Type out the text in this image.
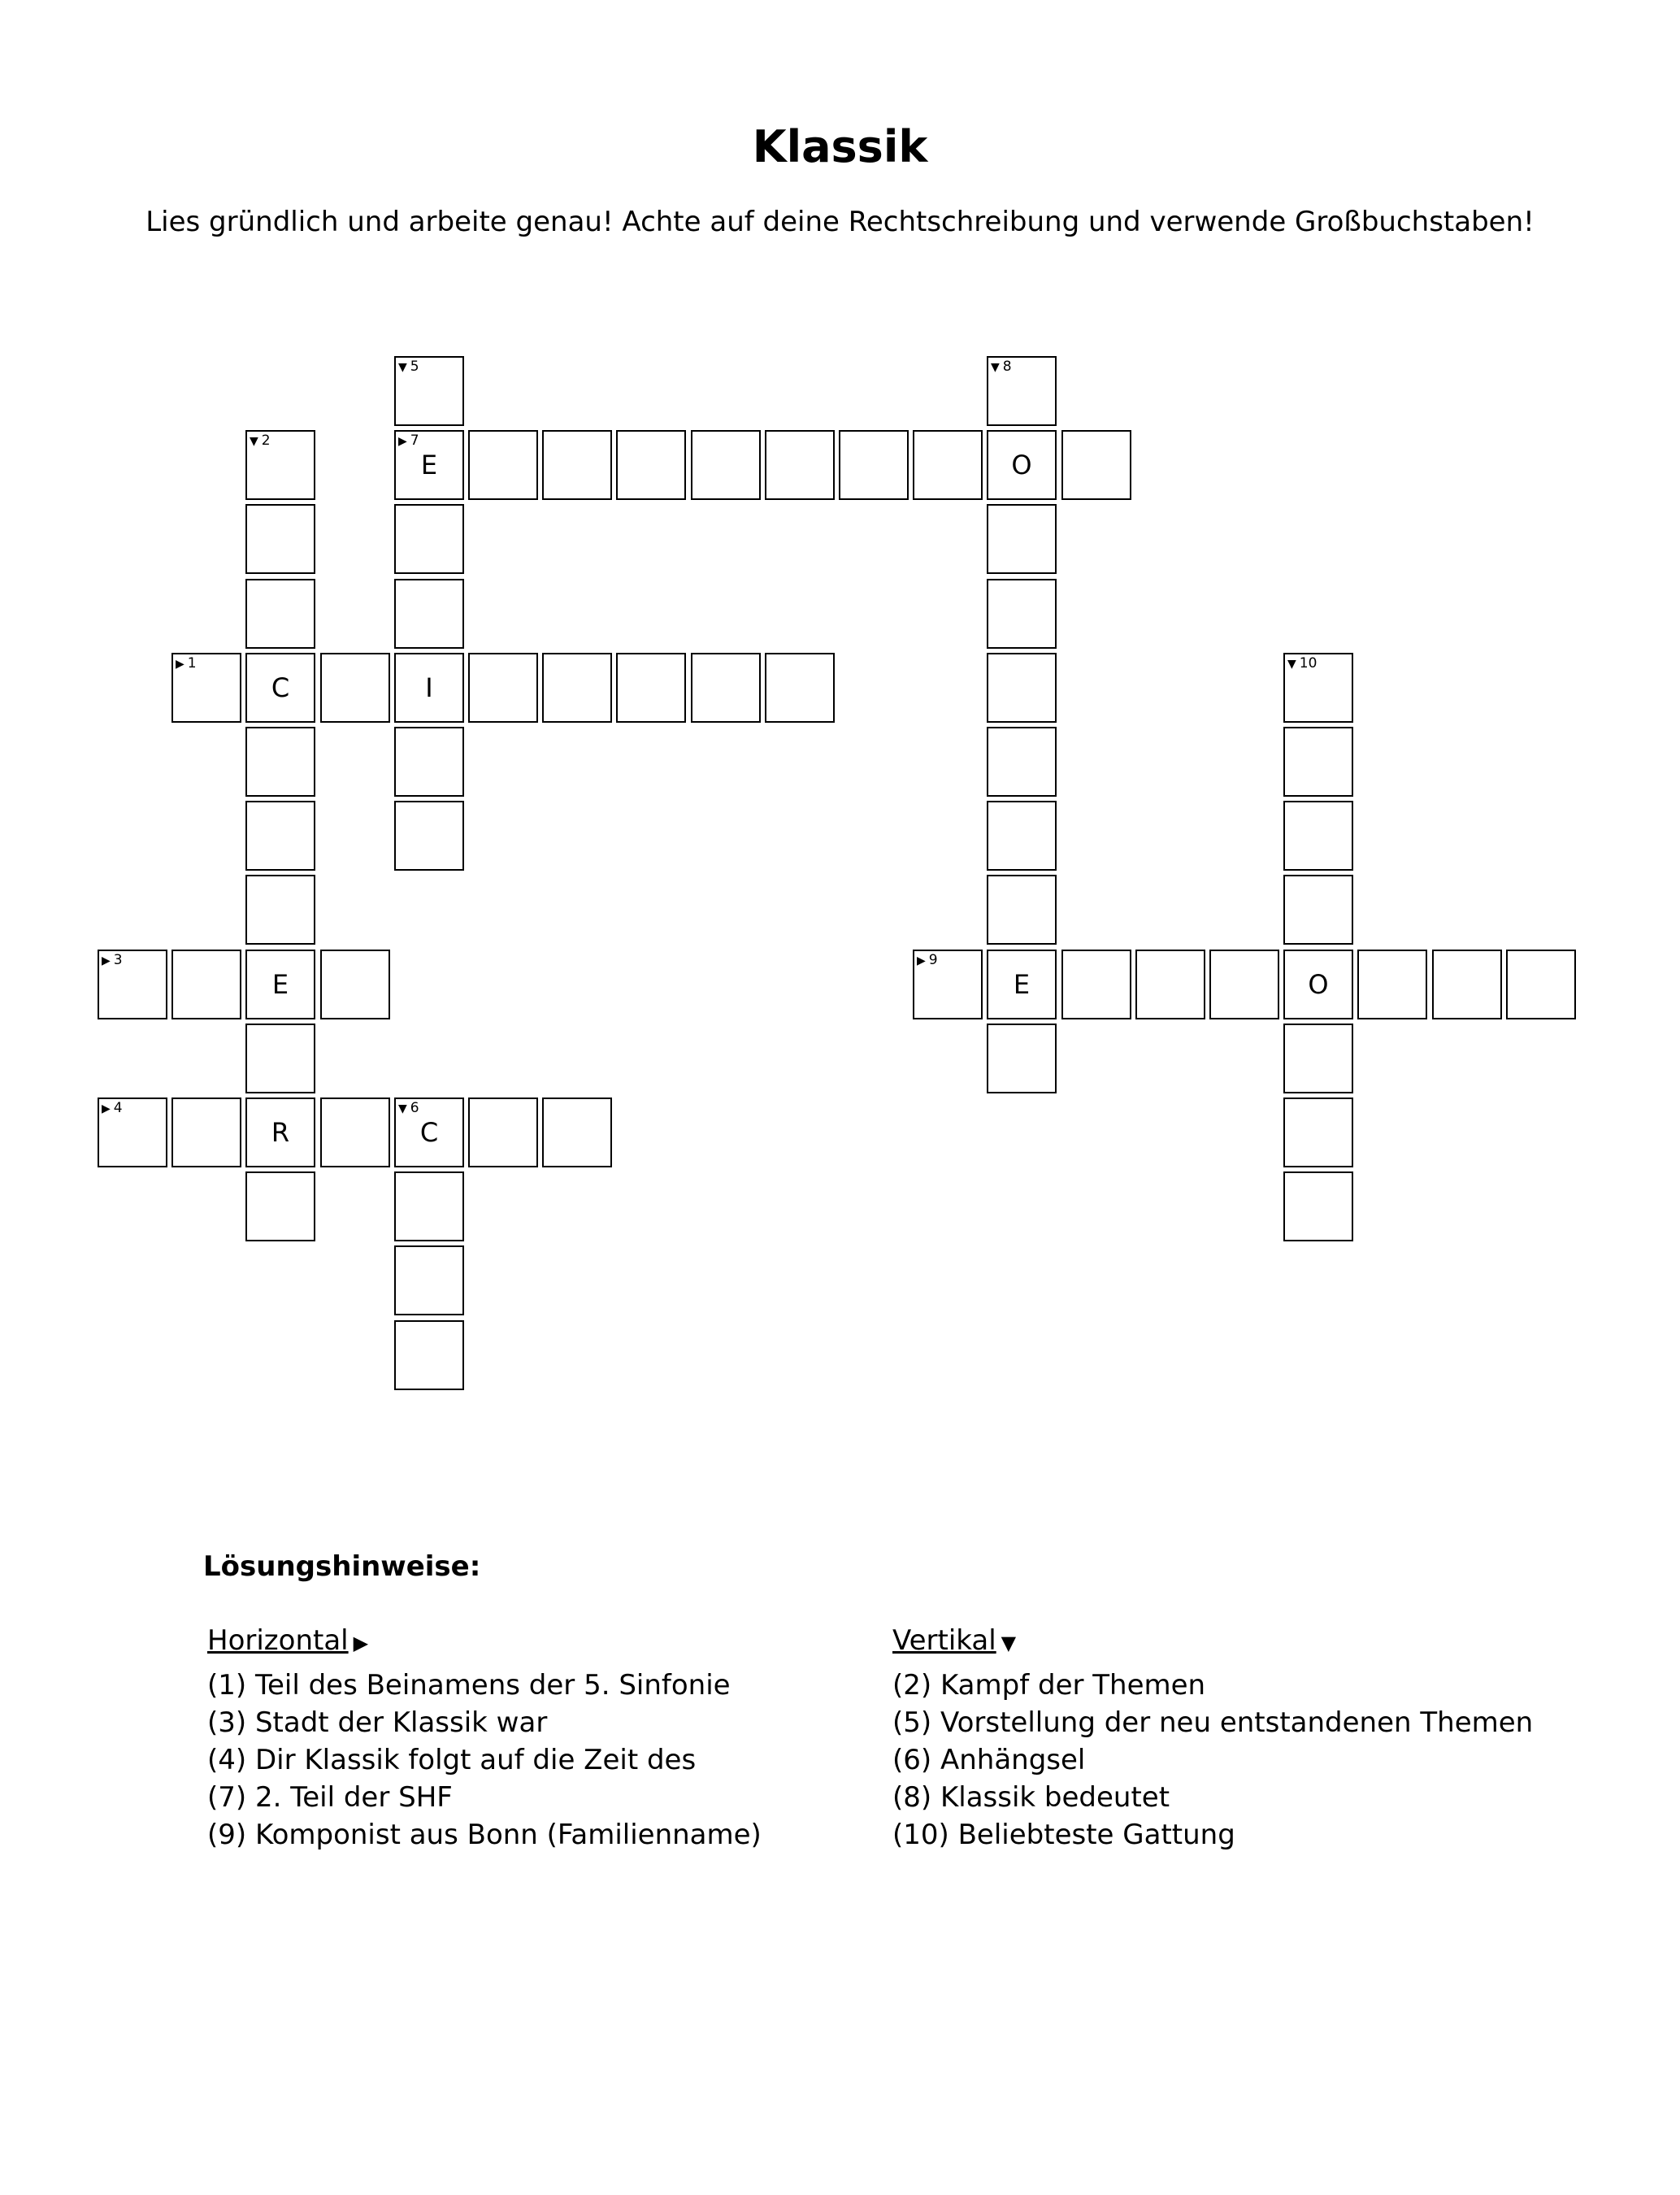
Klassik
Lies gründlich und arbeite genau! Achte auf deine Rechtschreibung und verwende Großbuchstaben!
▶ 1
C	I
▼ 2
E
R
▶ 3
▶ 4	▼ 6
C
▼ 5
▶ 7
E	O
▼ 8
E
▶ 9
O
▼ 10
Lösungshinweise:
Horizontal ▶
(1) Teil des Beinamens der 5. Sinfonie
(3) Stadt der Klassik war
(4) Dir Klassik folgt auf die Zeit des
(7) 2. Teil der SHF
(9) Komponist aus Bonn (Familienname)
Vertikal ▼
(2) Kampf der Themen
(5) Vorstellung der neu entstandenen Themen
(6) Anhängsel
(8) Klassik bedeutet
(10) Beliebteste Gattung
